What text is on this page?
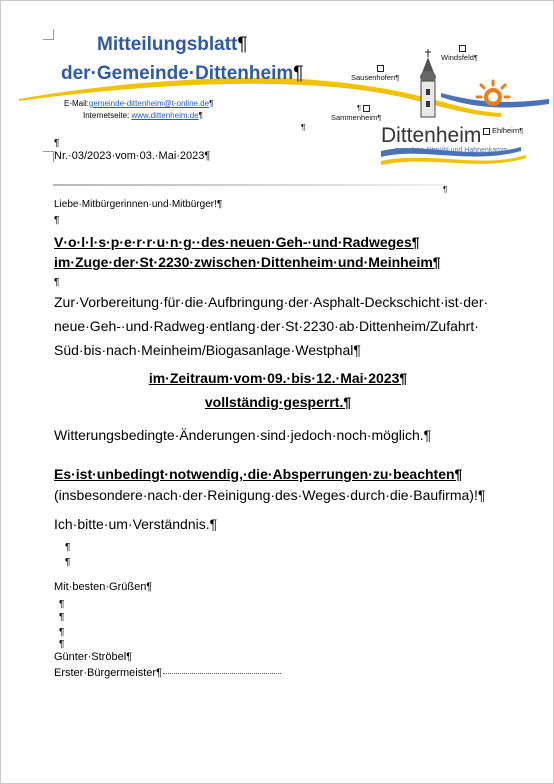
Mitteilungsblatt¶
der·Gemeinde·Dittenheim¶
E-Mail:gemeinde-dittenheim@t-online.de¶
Internetseite: www.dittenheim.de¶
¶
Sausenhofen¶
Windsfeld¶
¶
Sammenheim¶
Ehlheim¶
Dittenheim
zwischen Altmühl und Hahnenkamm
¶
Nr.·03/2023·vom·03.·Mai·2023¶
¶
Liebe·Mitbürgerinnen·und·Mitbürger!¶
¶
V·o·l·l·s·p·e·r·r·u·n·g··des·neuen·Geh-·und·Radweges¶
im·Zuge·der·St·2230·zwischen·Dittenheim·und·Meinheim¶
¶
Zur·Vorbereitung·für·die·Aufbringung·der·Asphalt-Deckschicht·ist·der·
neue·Geh-·und·Radweg·entlang·der·St·2230·ab·Dittenheim/Zufahrt·
Süd·bis·nach·Meinheim/Biogasanlage·Westphal¶
im·Zeitraum·vom·09.·bis·12.·Mai·2023¶
vollständig·gesperrt.¶
Witterungsbedingte·Änderungen·sind·jedoch·noch·möglich.¶
Es·ist·unbedingt·notwendig,·die·Absperrungen·zu·beachten¶
(insbesondere·nach·der·Reinigung·des·Weges·durch·die·Baufirma)!¶
Ich·bitte·um·Verständnis.¶
¶
¶
Mit·besten·Grüßen¶
¶
¶
¶
¶
Günter·Ströbel¶
Erster·Bürgermeister¶
